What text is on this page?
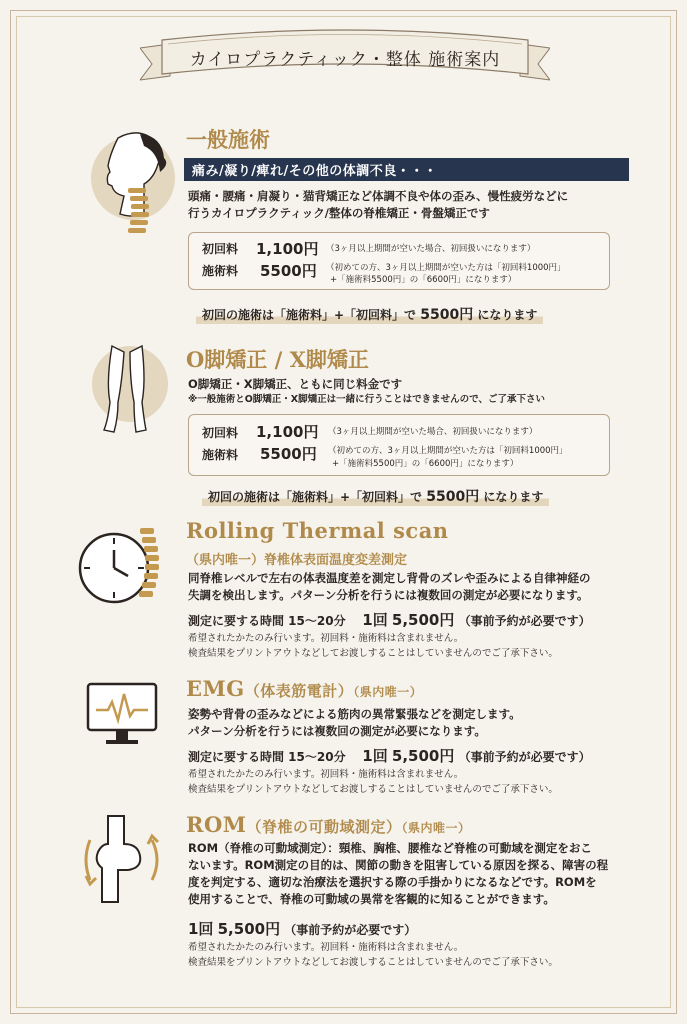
カイロプラクティック・整体 施術案内
一般施術
痛み/凝り/痺れ/その他の体調不良・・・
頭痛・腰痛・肩凝り・猫背矯正など体調不良や体の歪み、慢性疲労などに
行うカイロプラクティック/整体の脊椎矯正・骨盤矯正です
初回料 1,100円 （3ヶ月以上期間が空いた場合、初回扱いになります）
施術料 5500円 （初めての方、3ヶ月以上期間が空いた方は「初回料1000円」
+「施術料5500円」の「6600円」になります）
初回の施術は「施術料」+「初回料」で 5500円 になります
O脚矯正 / X脚矯正
O脚矯正・X脚矯正、ともに同じ料金です
※一般施術とO脚矯正・X脚矯正は一緒に行うことはできませんので、ご了承下さい
初回料 1,100円 （3ヶ月以上期間が空いた場合、初回扱いになります）
施術料 5500円 （初めての方、3ヶ月以上期間が空いた方は「初回料1000円」
+「施術料5500円」の「6600円」になります）
初回の施術は「施術料」+「初回料」で 5500円 になります
Rolling Thermal scan
（県内唯一）脊椎体表面温度変差測定
同脊椎レベルで左右の体表温度差を測定し背骨のズレや歪みによる自律神経の
失調を検出します。パターン分析を行うには複数回の測定が必要になります。
測定に要する時間 15〜20分 1回 5,500円 （事前予約が必要です）
希望されたかたのみ行います。初回料・施術料は含まれません。
検査結果をプリントアウトなどしてお渡しすることはしていませんのでご了承下さい。
EMG（体表筋電計）（県内唯一）
姿勢や背骨の歪みなどによる筋肉の異常緊張などを測定します。
パターン分析を行うには複数回の測定が必要になります。
測定に要する時間 15〜20分 1回 5,500円 （事前予約が必要です）
希望されたかたのみ行います。初回料・施術料は含まれません。
検査結果をプリントアウトなどしてお渡しすることはしていませんのでご了承下さい。
ROM（脊椎の可動域測定）（県内唯一）
ROM（脊椎の可動域測定）：頸椎、胸椎、腰椎など脊椎の可動域を測定をおこ
ないます。ROM測定の目的は、関節の動きを阻害している原因を探る、障害の程
度を判定する、適切な治療法を選択する際の手掛かりになるなどです。ROMを
使用することで、脊椎の可動域の異常を客観的に知ることができます。
1回 5,500円 （事前予約が必要です）
希望されたかたのみ行います。初回料・施術料は含まれません。
検査結果をプリントアウトなどしてお渡しすることはしていませんのでご了承下さい。
